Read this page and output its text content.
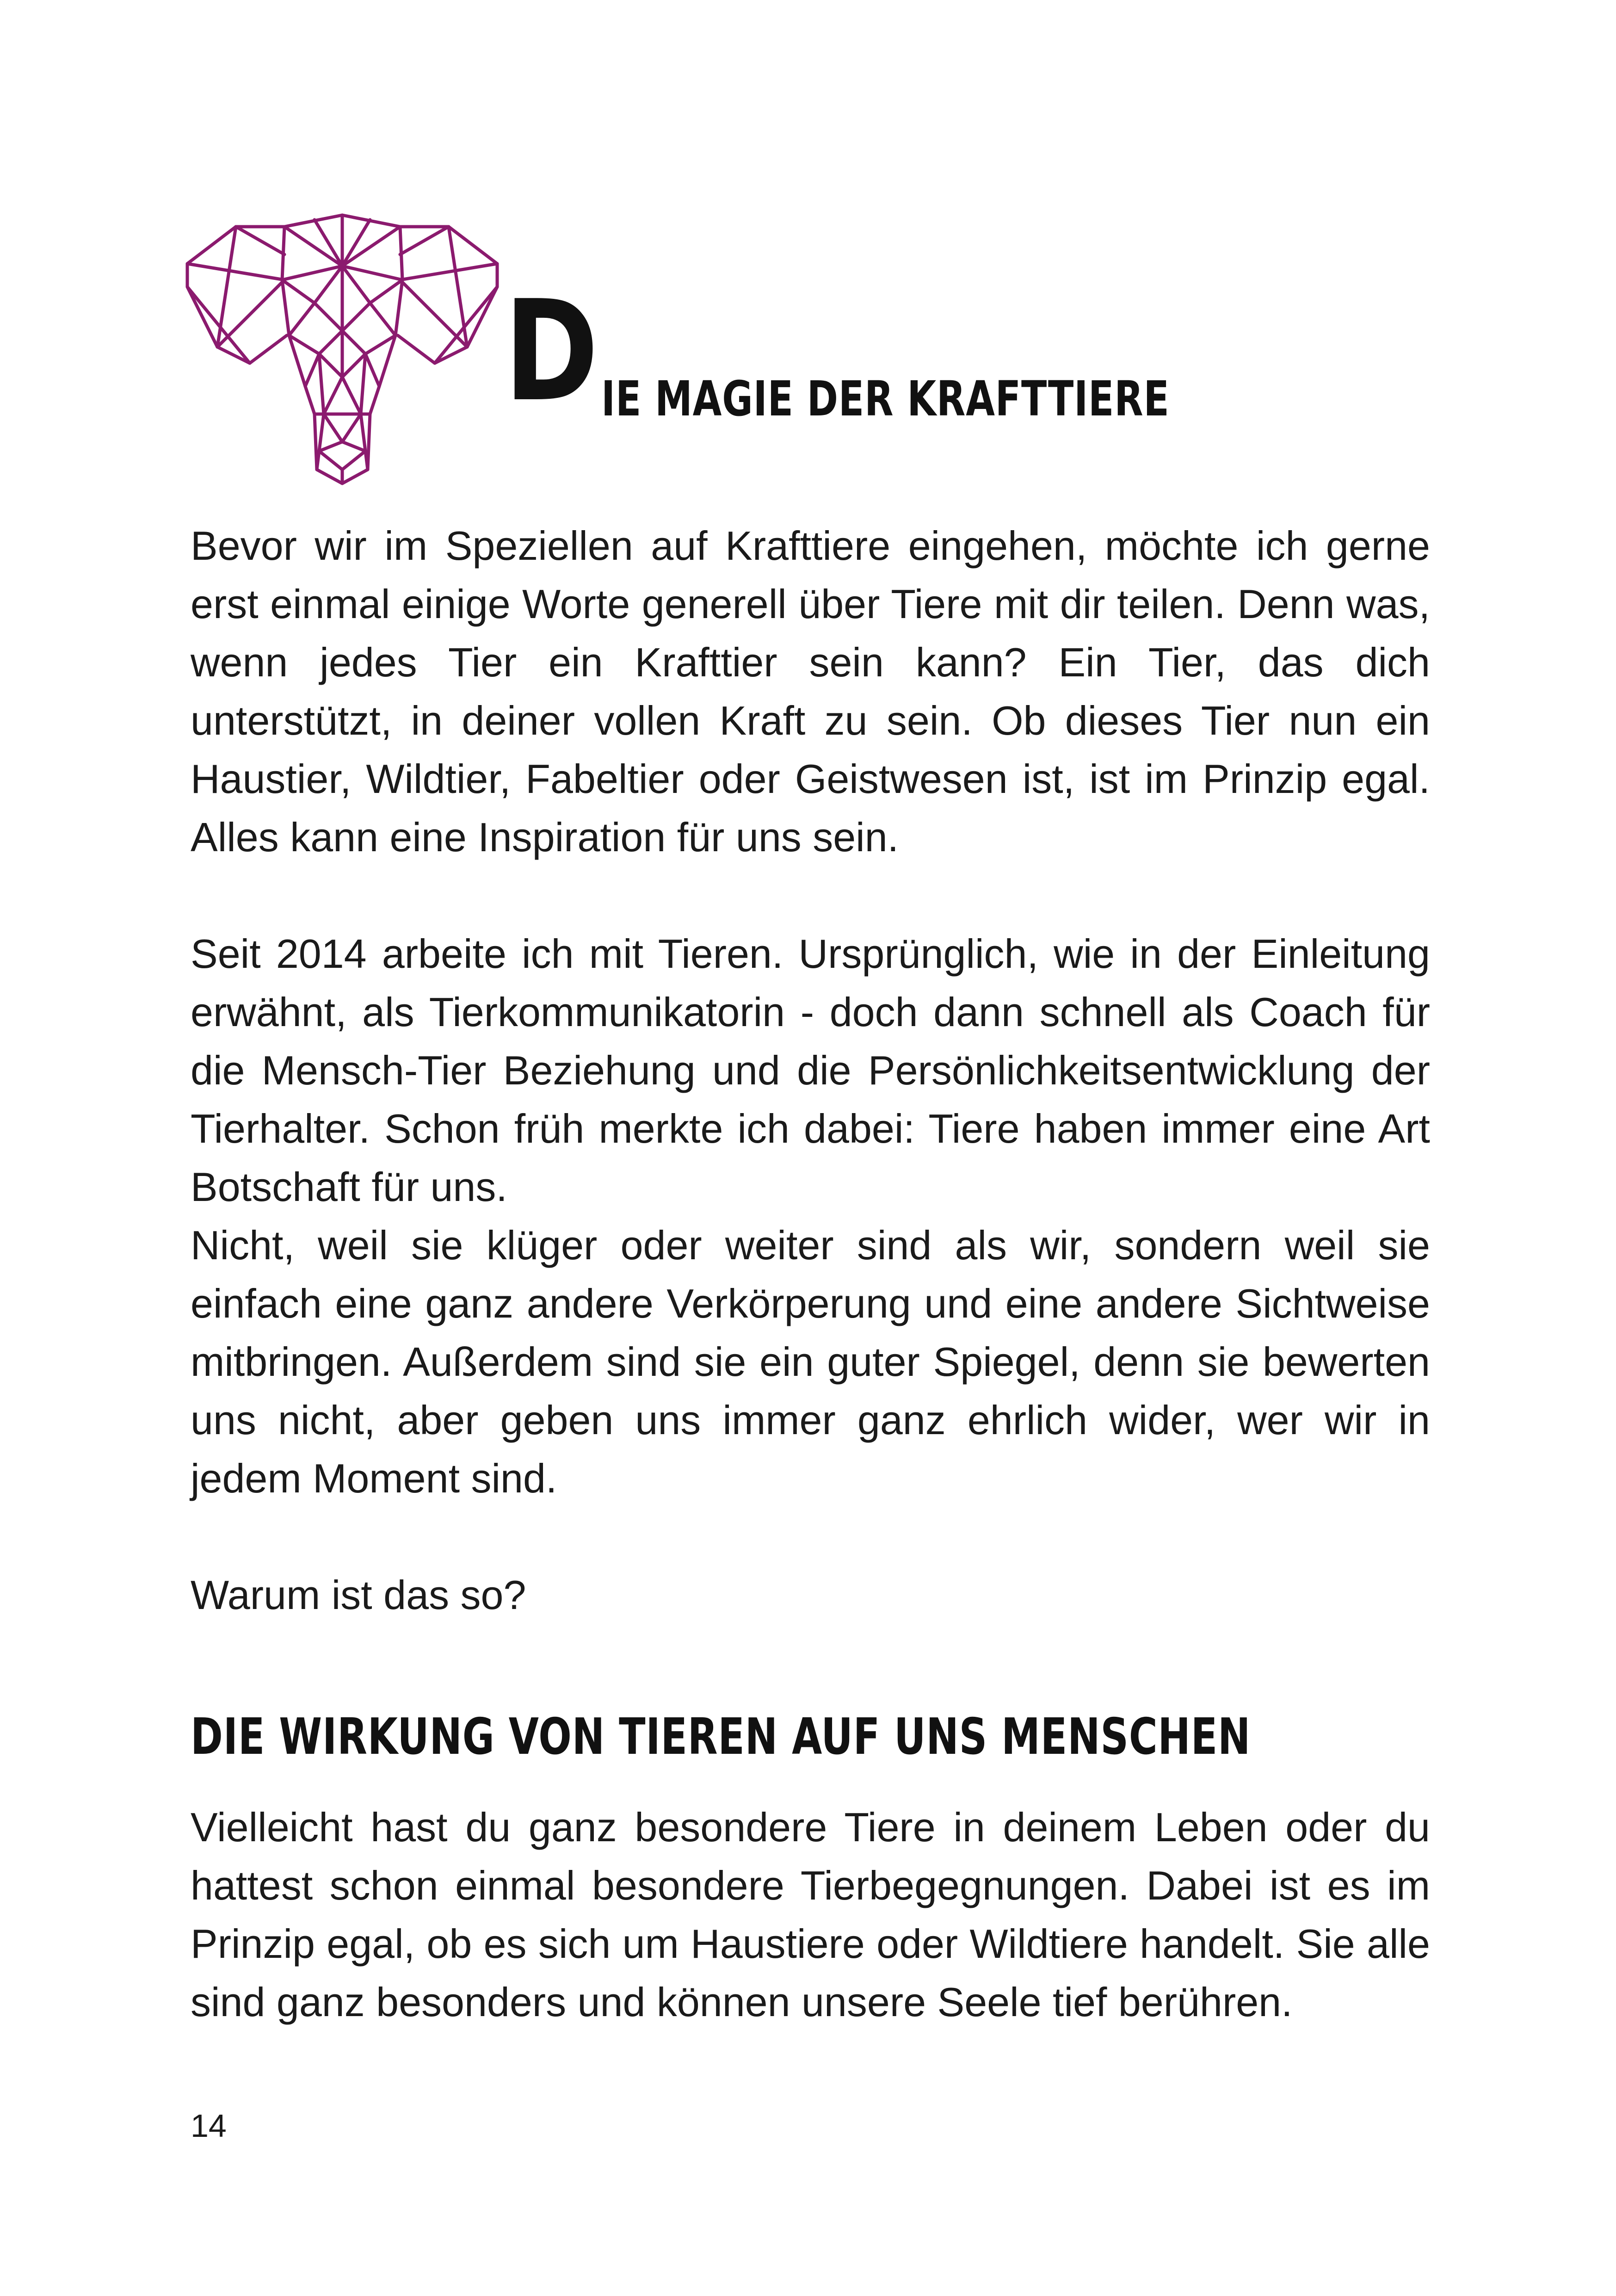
D IE MAGIE DER KRAFTTIERE

Bevor wir im Speziellen auf Krafttiere eingehen, möchte ich gerne erst einmal einige Worte generell über Tiere mit dir teilen. Denn was, wenn jedes Tier ein Krafttier sein kann? Ein Tier, das dich unterstützt, in deiner vollen Kraft zu sein. Ob dieses Tier nun ein Haustier, Wildtier, Fabeltier oder Geistwesen ist, ist im Prinzip egal. Alles kann eine Inspiration für uns sein.

Seit 2014 arbeite ich mit Tieren. Ursprünglich, wie in der Einleitung erwähnt, als Tierkommunikatorin - doch dann schnell als Coach für die Mensch-Tier Beziehung und die Persönlichkeitsentwicklung der Tierhalter. Schon früh merkte ich dabei: Tiere haben immer eine Art Botschaft für uns.

Nicht, weil sie klüger oder weiter sind als wir, sondern weil sie einfach eine ganz andere Verkörperung und eine andere Sichtweise mitbringen. Außerdem sind sie ein guter Spiegel, denn sie bewerten uns nicht, aber geben uns immer ganz ehrlich wider, wer wir in jedem Moment sind.

Warum ist das so?

DIE WIRKUNG VON TIEREN AUF UNS MENSCHEN

Vielleicht hast du ganz besondere Tiere in deinem Leben oder du hattest schon einmal besondere Tierbegegnungen. Dabei ist es im Prinzip egal, ob es sich um Haustiere oder Wildtiere handelt. Sie alle sind ganz besonders und können unsere Seele tief berühren.

14
